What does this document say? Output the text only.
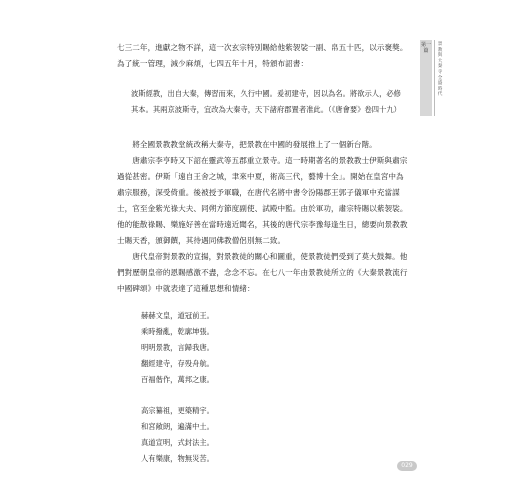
第一篇
景教與大秦寺全盛時代

七三二年，進獻之物不詳，這一次玄宗特別賜給他紫袈裟一副、帛五十匹，以示褒獎。為了統一管理，減少麻煩，七四五年十月，特頒布詔書：

波斯經教，出自大秦，傳習而來，久行中國。爰初建寺，因以為名。將欲示人，必修其本。其兩京波斯寺，宜改為大秦寺，天下諸府郡置者准此。（《唐會要》卷四十九）

將全國景教教堂統改稱大秦寺，把景教在中國的發展推上了一個新台階。

唐肅宗李亨時又下詔在靈武等五郡重立景寺。這一時期著名的景教教士伊斯與肅宗過從甚密。伊斯「遠自王舍之城，聿來中夏，術高三代，藝博十全」。開始在皇宮中為肅宗服務，深受倚重。後被授予軍職，在唐代名將中書令汾陽郡王郭子儀軍中充當謀士，官至金紫光祿大夫、同朔方節度副使、試殿中監。由於軍功，肅宗特賜以紫袈裟。他的能散祿賜、樂施好善在當時遠近聞名，其後的唐代宗李豫每逢生日，總要向景教教士賜天香，頒御饌，其待遇同佛教僧侶別無二致。

唐代皇帝對景教的宣揚，對景教徒的關心和圖重，使景教徒們受到了莫大鼓舞。他們對歷朝皇帝的恩賜感激不盡，念念不忘。在七八一年由景教徒所立的《大秦景教流行中國碑頌》中就表達了這種思想和情緒：

赫赫文皇，道冠前王。
乘時撥亂，乾廓坤張。
明明景教，言歸我唐。
翻經建寺，存殁舟航。
百福偕作，萬邦之康。
高宗纂祖，更築精宇。
和宮敞朗，遍滿中土。
真道宣明，式封法主。
人有樂康，物無災苦。
029
